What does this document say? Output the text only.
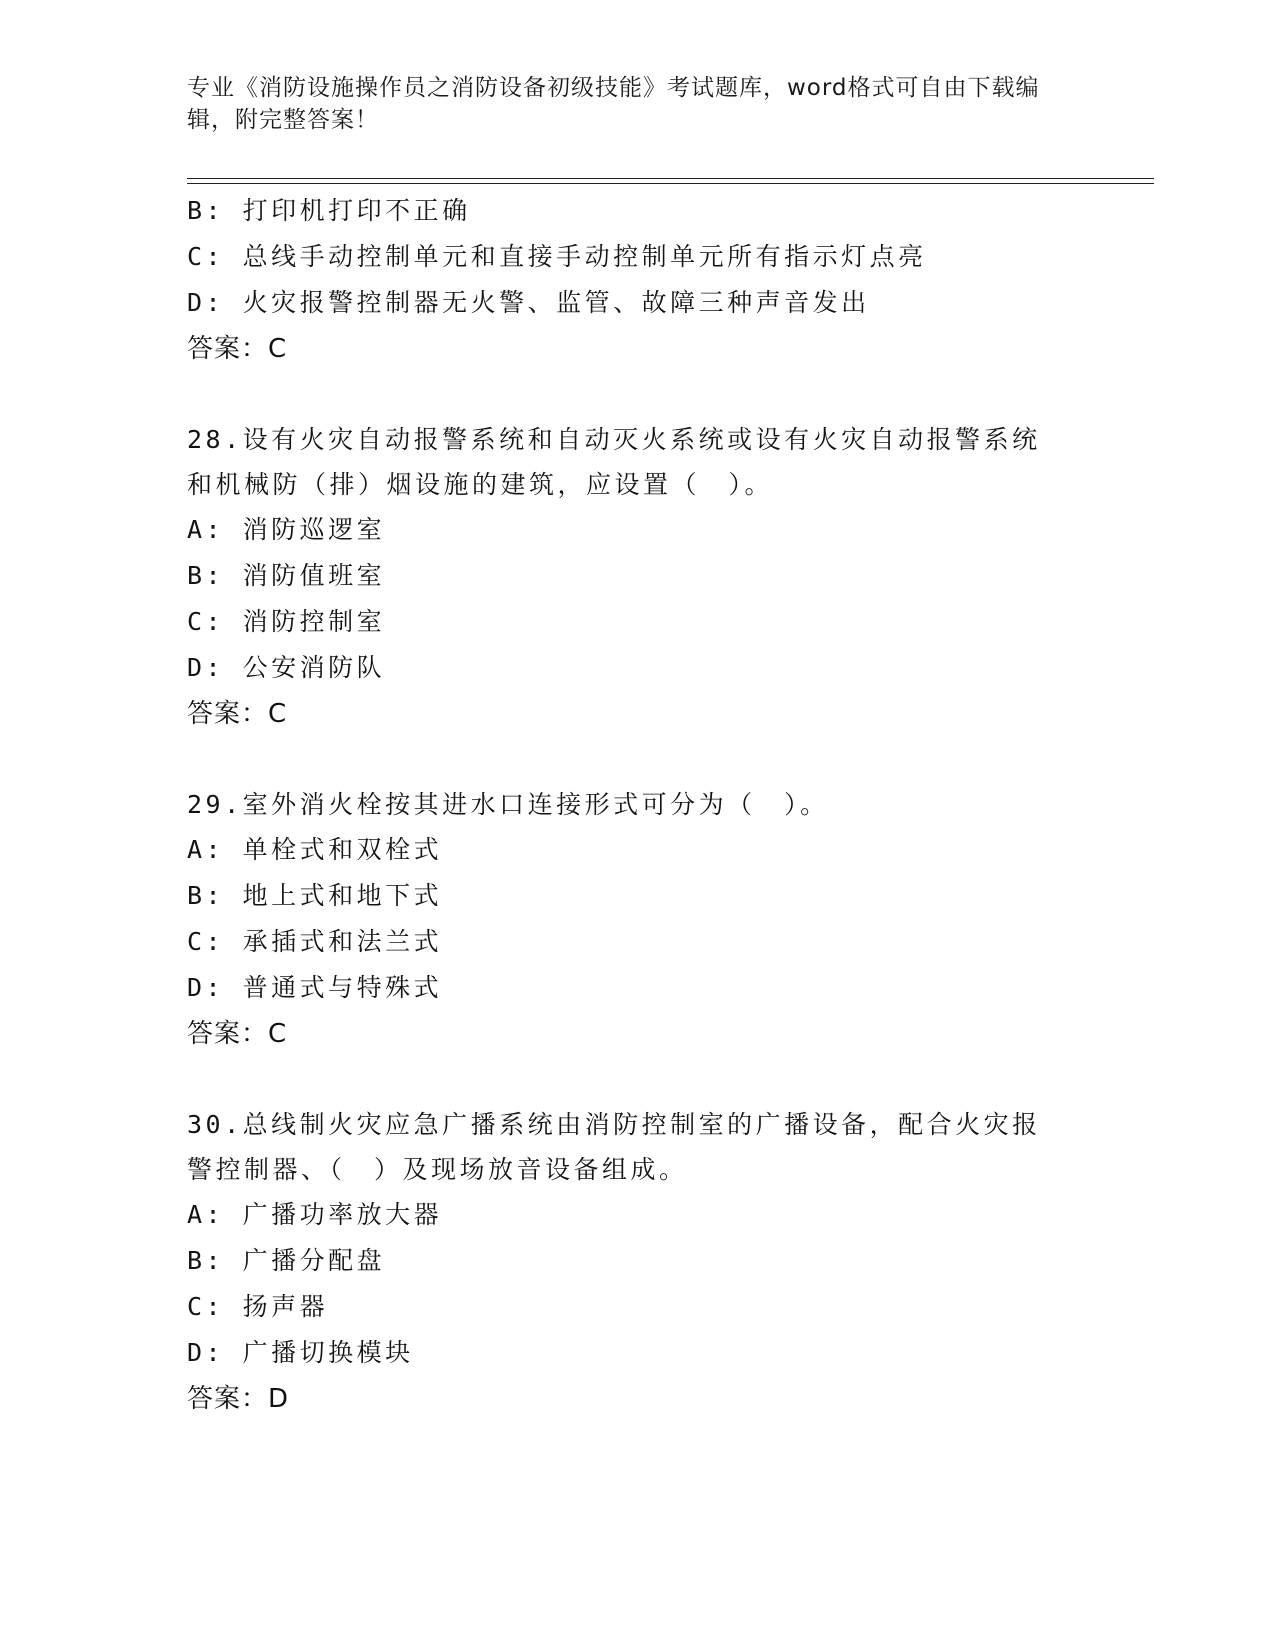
专业《消防设施操作员之消防设备初级技能》考试题库，word格式可自由下载编辑，附完整答案！
B: 打印机打印不正确
C: 总线手动控制单元和直接手动控制单元所有指示灯点亮
D: 火灾报警控制器无火警、监管、故障三种声音发出
答案：C
28.设有火灾自动报警系统和自动灭火系统或设有火灾自动报警系统和机械防（排）烟设施的建筑，应设置（　）。
A: 消防巡逻室
B: 消防值班室
C: 消防控制室
D: 公安消防队
答案：C
29.室外消火栓按其进水口连接形式可分为（　）。
A: 单栓式和双栓式
B: 地上式和地下式
C: 承插式和法兰式
D: 普通式与特殊式
答案：C
30.总线制火灾应急广播系统由消防控制室的广播设备，配合火灾报警控制器、（　）及现场放音设备组成。
A: 广播功率放大器
B: 广播分配盘
C: 扬声器
D: 广播切换模块
答案：D
